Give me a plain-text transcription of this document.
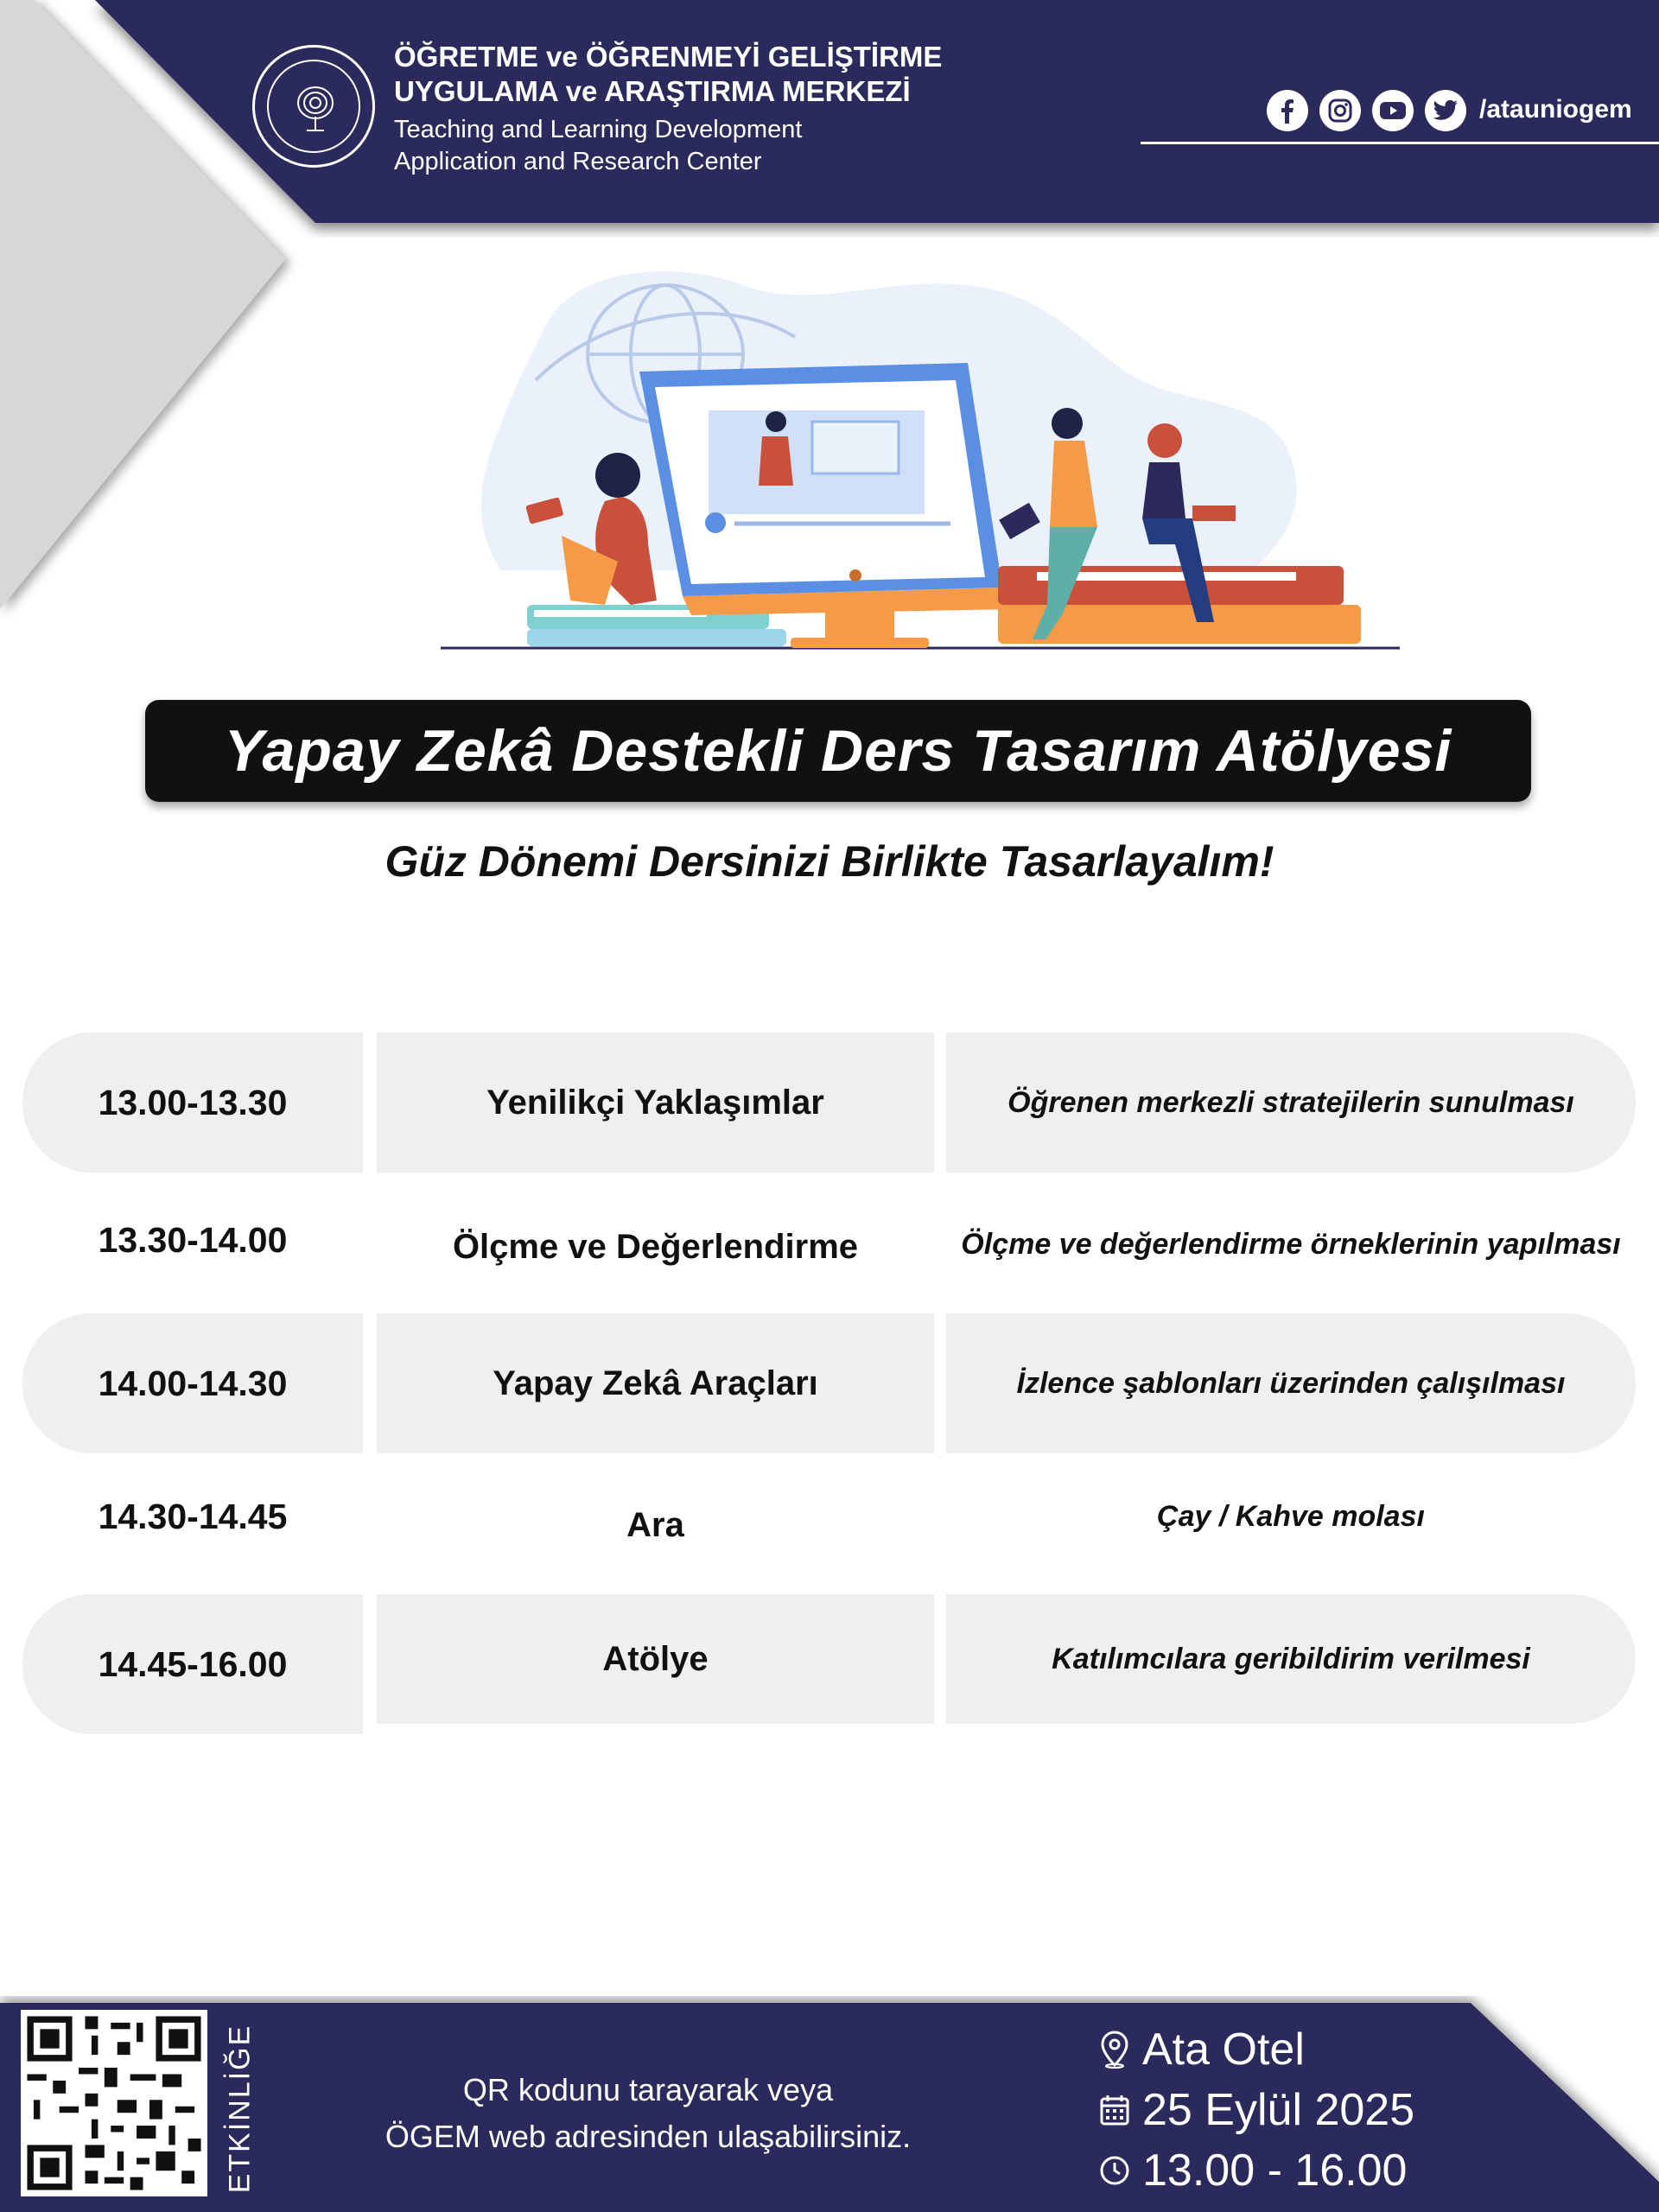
ÖĞRETME ve ÖĞRENMEYİ GELİŞTİRME
UYGULAMA ve ARAŞTIRMA MERKEZİ
Teaching and Learning Development
Application and Research Center
/atauniogem
Yapay Zekâ Destekli Ders Tasarım Atölyesi
Güz Dönemi Dersinizi Birlikte Tasarlayalım!
13.00-13.30	Yenilikçi Yaklaşımlar	Öğrenen merkezli stratejilerin sunulması
13.30-14.00	Ölçme ve Değerlendirme	Ölçme ve değerlendirme örneklerinin yapılması
14.00-14.30	Yapay Zekâ Araçları	İzlence şablonları üzerinden çalışılması
14.30-14.45	Ara	Çay / Kahve molası
14.45-16.00	Atölye	Katılımcılara geribildirim verilmesi
ETKİNLİĞE	QR kodunu tarayarak veya
ÖGEM web adresinden ulaşabilirsiniz.
Ata Otel
25 Eylül 2025
13.00 - 16.00
